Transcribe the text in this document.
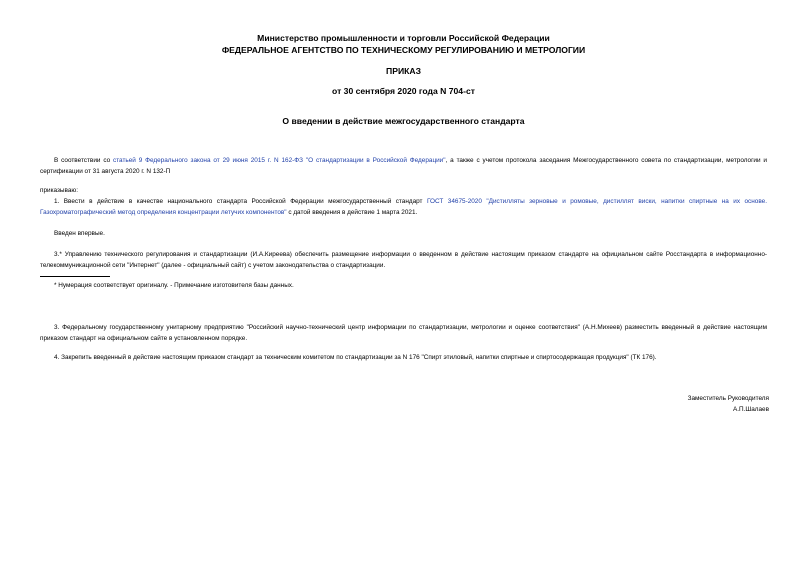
Министерство промышленности и торговли Российской Федерации
ФЕДЕРАЛЬНОЕ АГЕНТСТВО ПО ТЕХНИЧЕСКОМУ РЕГУЛИРОВАНИЮ И МЕТРОЛОГИИ
ПРИКАЗ
от 30 сентября 2020 года N 704-ст
О введении в действие межгосударственного стандарта
В соответствии со статьей 9 Федерального закона от 29 июня 2015 г. N 162-ФЗ "О стандартизации в Российской Федерации", а также с учетом протокола заседания Межгосударственного совета по стандартизации, метрологии и сертификации от 31 августа 2020 г. N 132-П
приказываю:
1. Ввести в действие в качестве национального стандарта Российской Федерации межгосударственный стандарт ГОСТ 34675-2020 "Дистилляты зерновые и ромовые, дистиллят виски, напитки спиртные на их основе. Газохроматографический метод определения концентрации летучих компонентов" с датой введения в действие 1 марта 2021.
Введен впервые.
3.* Управлению технического регулирования и стандартизации (И.А.Киреева) обеспечить размещение информации о введенном в действие настоящим приказом стандарте на официальном сайте Росстандарта в информационно-телекоммуникационной сети "Интернет" (далее - официальный сайт) с учетом законодательства о стандартизации.
* Нумерация соответствует оригиналу. - Примечание изготовителя базы данных.
3. Федеральному государственному унитарному предприятию "Российский научно-технический центр информации по стандартизации, метрологии и оценке соответствия" (А.Н.Михеев) разместить введенный в действие настоящим приказом стандарт на официальном сайте в установленном порядке.
4. Закрепить введенный в действие настоящим приказом стандарт за техническим комитетом по стандартизации за N 176 "Спирт этиловый, напитки спиртные и спиртосодержащая продукция" (ТК 176).
Заместитель Руководителя
А.П.Шалаев
